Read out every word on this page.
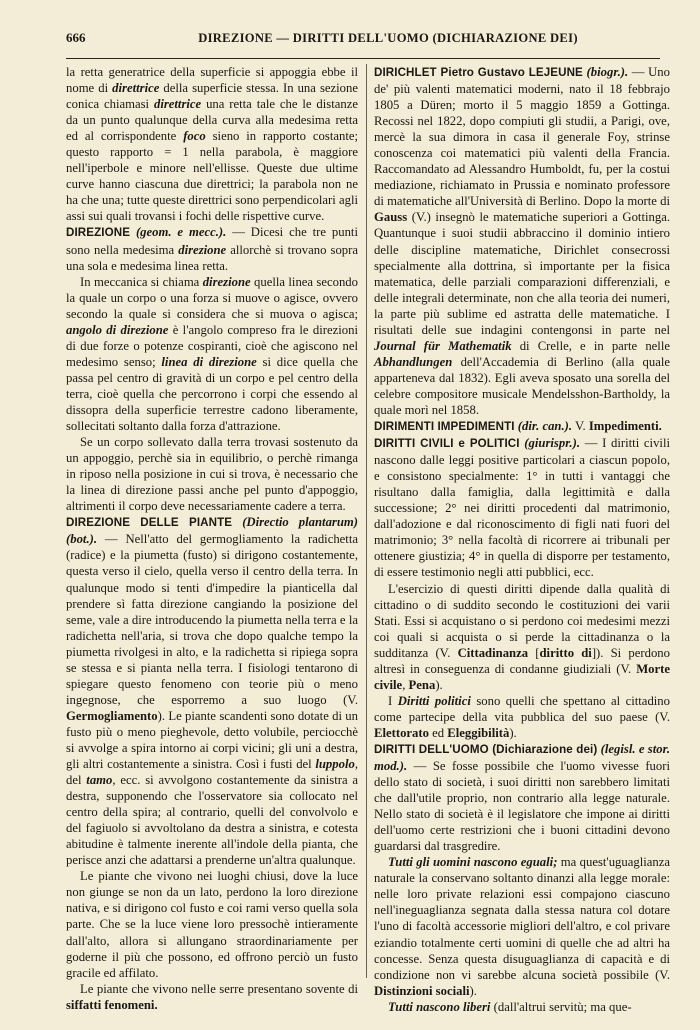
666	DIREZIONE — DIRITTI DELL'UOMO (DICHIARAZIONE DEI)

la retta generatrice della superficie si appoggia ebbe il nome di direttrice della superficie stessa. In una sezione conica chiamasi direttrice una retta tale che le distanze da un punto qualunque della curva alla medesima retta ed al corrispondente foco sieno in rapporto costante; questo rapporto = 1 nella parabola, è maggiore nell'iperbole e minore nell'ellisse. Queste due ultime curve hanno ciascuna due direttrici; la parabola non ne ha che una; tutte queste direttrici sono perpendicolari agli assi sui quali trovansi i fochi delle rispettive curve.

DIREZIONE (geom. e mecc.). — Dicesi che tre punti sono nella medesima direzione allorchè si trovano sopra una sola e medesima linea retta.

In meccanica si chiama direzione quella linea secondo la quale un corpo o una forza si muove o agisce, ovvero secondo la quale si considera che si muova o agisca; angolo di direzione è l'angolo compreso fra le direzioni di due forze o potenze cospiranti, cioè che agiscono nel medesimo senso; linea di direzione si dice quella che passa pel centro di gravità di un corpo e pel centro della terra, cioè quella che percorrono i corpi che essendo al dissopra della superficie terrestre cadono liberamente, sollecitati soltanto dalla forza d'attrazione.

Se un corpo sollevato dalla terra trovasi sostenuto da un appoggio, perchè sia in equilibrio, o perchè rimanga in riposo nella posizione in cui si trova, è necessario che la linea di direzione passi anche pel punto d'appoggio, altrimenti il corpo deve necessariamente cadere a terra.

DIREZIONE DELLE PIANTE (Directio plantarum) (bot.). — Nell'atto del germogliamento la radichetta (radice) e la piumetta (fusto) si dirigono costantemente, questa verso il cielo, quella verso il centro della terra. In qualunque modo si tenti d'impedire la pianticella dal prendere sì fatta direzione cangiando la posizione del seme, vale a dire introducendo la piumetta nella terra e la radichetta nell'aria, si trova che dopo qualche tempo la piumetta rivolgesi in alto, e la radichetta si ripiega sopra se stessa e si pianta nella terra. I fisiologi tentarono di spiegare questo fenomeno con teorie più o meno ingegnose, che esporremo a suo luogo (V. Germogliamento). Le piante scandenti sono dotate di un fusto più o meno pieghevole, detto volubile, perciocchè si avvolge a spira intorno ai corpi vicini; gli uni a destra, gli altri costantemente a sinistra. Così i fusti del luppolo, del tamo, ecc. si avvolgono costantemente da sinistra a destra, supponendo che l'osservatore sia collocato nel centro della spira; al contrario, quelli del convolvolo e del fagiuolo si avvoltolano da destra a sinistra, e cotesta abitudine è talmente inerente all'indole della pianta, che perisce anzi che adattarsi a prenderne un'altra qualunque.

Le piante che vivono nei luoghi chiusi, dove la luce non giunge se non da un lato, perdono la loro direzione nativa, e si dirigono col fusto e coi rami verso quella sola parte. Che se la luce viene loro pressochè intieramente dall'alto, allora si allungano straordinariamente per goderne il più che possono, ed offrono perciò un fusto gracile ed affilato.

Le piante che vivono nelle serre presentano sovente di siffatti fenomeni.

DIRICHLET Pietro Gustavo LEJEUNE (biogr.). — Uno de' più valenti matematici moderni, nato il 18 febbrajo 1805 a Düren; morto il 5 maggio 1859 a Gottinga. Recossi nel 1822, dopo compiuti gli studii, a Parigi, ove, mercè la sua dimora in casa il generale Foy, strinse conoscenza coi matematici più valenti della Francia. Raccomandato ad Alessandro Humboldt, fu, per la costui mediazione, richiamato in Prussia e nominato professore di matematiche all'Università di Berlino. Dopo la morte di Gauss (V.) insegnò le matematiche superiori a Gottinga. Quantunque i suoi studii abbraccino il dominio intiero delle discipline matematiche, Dirichlet consecrossi specialmente alla dottrina, sì importante per la fisica matematica, delle parziali comparazioni differenziali, e delle integrali determinate, non che alla teoria dei numeri, la parte più sublime ed astratta delle matematiche. I risultati delle sue indagini contengonsi in parte nel Journal für Mathematik di Crelle, e in parte nelle Abhandlungen dell'Accademia di Berlino (alla quale apparteneva dal 1832). Egli aveva sposato una sorella del celebre compositore musicale Mendelsshon-Bartholdy, la quale morì nel 1858.

DIRIMENTI IMPEDIMENTI (dir. can.). V. Impedimenti.

DIRITTI CIVILI e POLITICI (giurispr.). — I diritti civili nascono dalle leggi positive particolari a ciascun popolo, e consistono specialmente: 1° in tutti i vantaggi che risultano dalla famiglia, dalla legittimità e dalla successione; 2° nei diritti procedenti dal matrimonio, dall'adozione e dal riconoscimento di figli nati fuori del matrimonio; 3° nella facoltà di ricorrere ai tribunali per ottenere giustizia; 4° in quella di disporre per testamento, di essere testimonio negli atti pubblici, ecc.

L'esercizio di questi diritti dipende dalla qualità di cittadino o di suddito secondo le costituzioni dei varii Stati. Essi si acquistano o si perdono coi medesimi mezzi coi quali si acquista o si perde la cittadinanza o la sudditanza (V. Cittadinanza [diritto di]). Si perdono altresì in conseguenza di condanne giudiziali (V. Morte civile, Pena).

I Diritti politici sono quelli che spettano al cittadino come partecipe della vita pubblica del suo paese (V. Elettorato ed Eleggibilità).

DIRITTI DELL'UOMO (Dichiarazione dei) (legisl. e stor. mod.). — Se fosse possibile che l'uomo vivesse fuori dello stato di società, i suoi diritti non sarebbero limitati che dall'utile proprio, non contrario alla legge naturale. Nello stato di società è il legislatore che impone ai diritti dell'uomo certe restrizioni che i buoni cittadini devono guardarsi dal trasgredire.

Tutti gli uomini nascono eguali; ma quest'uguaglianza naturale la conservano soltanto dinanzi alla legge morale: nelle loro private relazioni essi compajono ciascuno nell'ineguaglianza segnata dalla stessa natura col dotare l'uno di facoltà accessorie migliori dell'altro, e col privare eziandio totalmente certi uomini di quelle che ad altri ha concesse. Senza questa disuguaglianza di capacità e di condizione non vi sarebbe alcuna società possibile (V. Distinzioni sociali).

Tutti nascono liberi (dall'altrui servitù; ma que-
